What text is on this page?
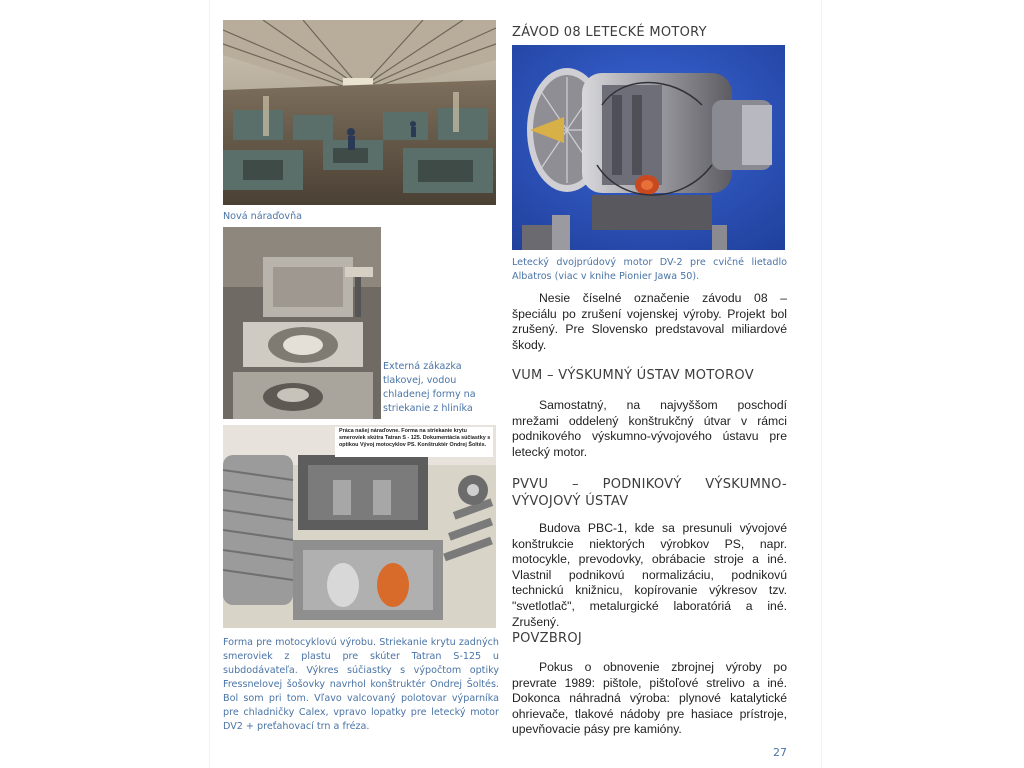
Nová náraďovňa
Externá zákazka tlakovej, vodou chladenej formy na striekanie z hliníka
Práca našej náraďovne. Forma na striekanie krytu smerovíek skútra Tatran S - 125. Dokumentácia súčiastky s optikou Vývoj motocyklov PS. Konštruktér Ondrej Šoltés.
Forma pre motocyklovú výrobu. Striekanie krytu zadných smeroviek z plastu pre skúter Tatran S-125 u subdodávateľa. Výkres súčiastky s výpočtom optiky Fressnelovej šošovky navrhol konštruktér Ondrej Šoltés. Bol som pri tom. Vľavo valcovaný polotovar výparníka pre chladničky Calex, vpravo lopatky pre letecký motor DV2 + preťahovací trn a fréza.
ZÁVOD 08 LETECKÉ MOTORY
Letecký dvojprúdový motor DV-2 pre cvičné lietadlo Albatros (viac v knihe Pionier Jawa 50).
Nesie číselné označenie závodu 08 – špeciálu po zrušení vojenskej výroby. Projekt bol zrušený. Pre Slovensko predstavoval miliardové škody.
VUM – VÝSKUMNÝ ÚSTAV MOTOROV
Samostatný, na najvyššom poschodí mrežami oddelený konštrukčný útvar v rámci podnikového výskumno-vývojového ústavu pre letecký motor.
PVVU – PODNIKOVÝ VÝSKUMNO-VÝVOJOVÝ ÚSTAV
Budova PBC-1, kde sa presunuli vývojové konštrukcie niektorých výrobkov PS, napr. motocykle, prevodovky, obrábacie stroje a iné. Vlastnil podnikovú normalizáciu, podnikovú technickú knižnicu, kopírovanie výkresov tzv. "svetlotlač", metalurgické laboratóriá a iné. Zrušený.
POVZBROJ
Pokus o obnovenie zbrojnej výroby po prevrate 1989: pištole, pištoľové strelivo a iné. Dokonca náhradná výroba: plynové katalytické ohrievače, tlakové nádoby pre hasiace prístroje, upevňovacie pásy pre kamióny.
27
